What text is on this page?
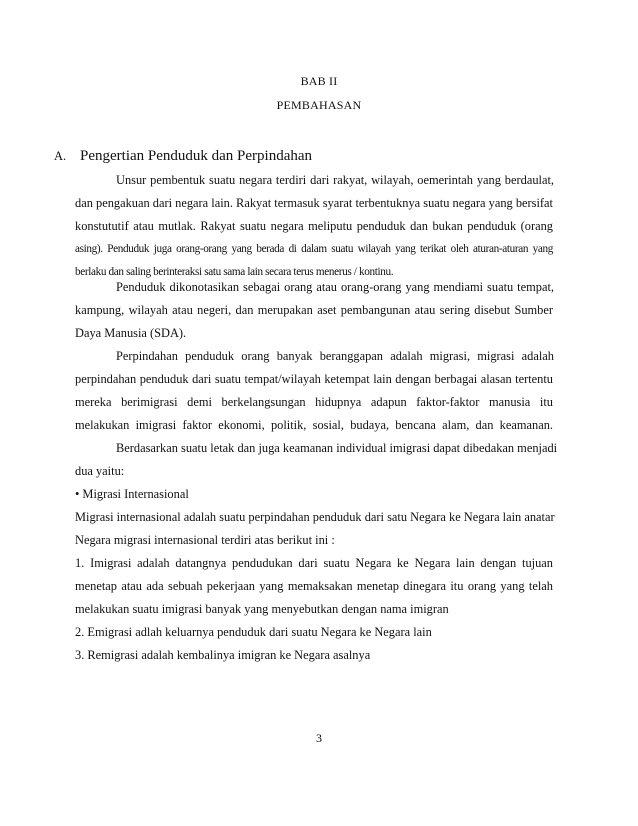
BAB II
PEMBAHASAN
A. Pengertian Penduduk dan Perpindahan
Unsur pembentuk suatu negara terdiri dari rakyat, wilayah, oemerintah yang berdaulat,
dan pengakuan dari negara lain. Rakyat termasuk syarat terbentuknya suatu negara yang bersifat
konstututif atau mutlak. Rakyat suatu negara meliputu penduduk dan bukan penduduk (orang
asing). Penduduk juga orang-orang yang berada di dalam suatu wilayah yang terikat oleh aturan-aturan yang
berlaku dan saling berinteraksi satu sama lain secara terus menerus / kontinu.
Penduduk dikonotasikan sebagai orang atau orang-orang yang mendiami suatu tempat,
kampung, wilayah atau negeri, dan merupakan aset pembangunan atau sering disebut Sumber
Daya Manusia (SDA).
Perpindahan penduduk orang banyak beranggapan adalah migrasi, migrasi adalah
perpindahan penduduk dari suatu tempat/wilayah ketempat lain dengan berbagai alasan tertentu
mereka berimigrasi demi berkelangsungan hidupnya adapun faktor-faktor manusia itu
melakukan imigrasi faktor ekonomi, politik, sosial, budaya, bencana alam, dan keamanan.
Berdasarkan suatu letak dan juga keamanan individual imigrasi dapat dibedakan menjadi
dua yaitu:
• Migrasi Internasional
Migrasi internasional adalah suatu perpindahan penduduk dari satu Negara ke Negara lain anatar
Negara migrasi internasional terdiri atas berikut ini :
1. Imigrasi adalah datangnya pendudukan dari suatu Negara ke Negara lain dengan tujuan
menetap atau ada sebuah pekerjaan yang memaksakan menetap dinegara itu orang yang telah
melakukan suatu imigrasi banyak yang menyebutkan dengan nama imigran
2. Emigrasi adlah keluarnya penduduk dari suatu Negara ke Negara lain
3. Remigrasi adalah kembalinya imigran ke Negara asalnya
3
